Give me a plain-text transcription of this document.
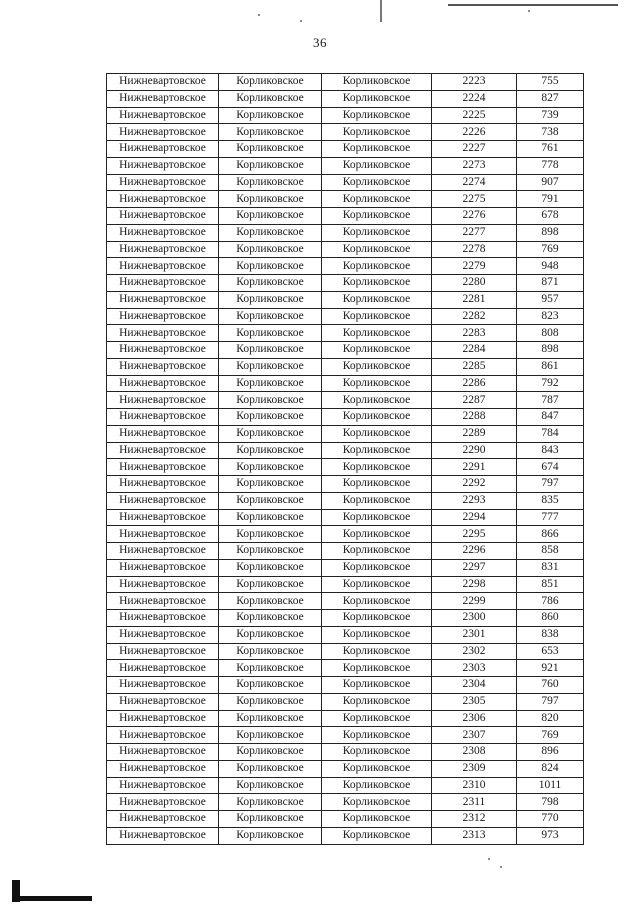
36
Нижневартовское	Корликовское	Корликовское	2223	755
Нижневартовское	Корликовское	Корликовское	2224	827
Нижневартовское	Корликовское	Корликовское	2225	739
Нижневартовское	Корликовское	Корликовское	2226	738
Нижневартовское	Корликовское	Корликовское	2227	761
Нижневартовское	Корликовское	Корликовское	2273	778
Нижневартовское	Корликовское	Корликовское	2274	907
Нижневартовское	Корликовское	Корликовское	2275	791
Нижневартовское	Корликовское	Корликовское	2276	678
Нижневартовское	Корликовское	Корликовское	2277	898
Нижневартовское	Корликовское	Корликовское	2278	769
Нижневартовское	Корликовское	Корликовское	2279	948
Нижневартовское	Корликовское	Корликовское	2280	871
Нижневартовское	Корликовское	Корликовское	2281	957
Нижневартовское	Корликовское	Корликовское	2282	823
Нижневартовское	Корликовское	Корликовское	2283	808
Нижневартовское	Корликовское	Корликовское	2284	898
Нижневартовское	Корликовское	Корликовское	2285	861
Нижневартовское	Корликовское	Корликовское	2286	792
Нижневартовское	Корликовское	Корликовское	2287	787
Нижневартовское	Корликовское	Корликовское	2288	847
Нижневартовское	Корликовское	Корликовское	2289	784
Нижневартовское	Корликовское	Корликовское	2290	843
Нижневартовское	Корликовское	Корликовское	2291	674
Нижневартовское	Корликовское	Корликовское	2292	797
Нижневартовское	Корликовское	Корликовское	2293	835
Нижневартовское	Корликовское	Корликовское	2294	777
Нижневартовское	Корликовское	Корликовское	2295	866
Нижневартовское	Корликовское	Корликовское	2296	858
Нижневартовское	Корликовское	Корликовское	2297	831
Нижневартовское	Корликовское	Корликовское	2298	851
Нижневартовское	Корликовское	Корликовское	2299	786
Нижневартовское	Корликовское	Корликовское	2300	860
Нижневартовское	Корликовское	Корликовское	2301	838
Нижневартовское	Корликовское	Корликовское	2302	653
Нижневартовское	Корликовское	Корликовское	2303	921
Нижневартовское	Корликовское	Корликовское	2304	760
Нижневартовское	Корликовское	Корликовское	2305	797
Нижневартовское	Корликовское	Корликовское	2306	820
Нижневартовское	Корликовское	Корликовское	2307	769
Нижневартовское	Корликовское	Корликовское	2308	896
Нижневартовское	Корликовское	Корликовское	2309	824
Нижневартовское	Корликовское	Корликовское	2310	1011
Нижневартовское	Корликовское	Корликовское	2311	798
Нижневартовское	Корликовское	Корликовское	2312	770
Нижневартовское	Корликовское	Корликовское	2313	973
